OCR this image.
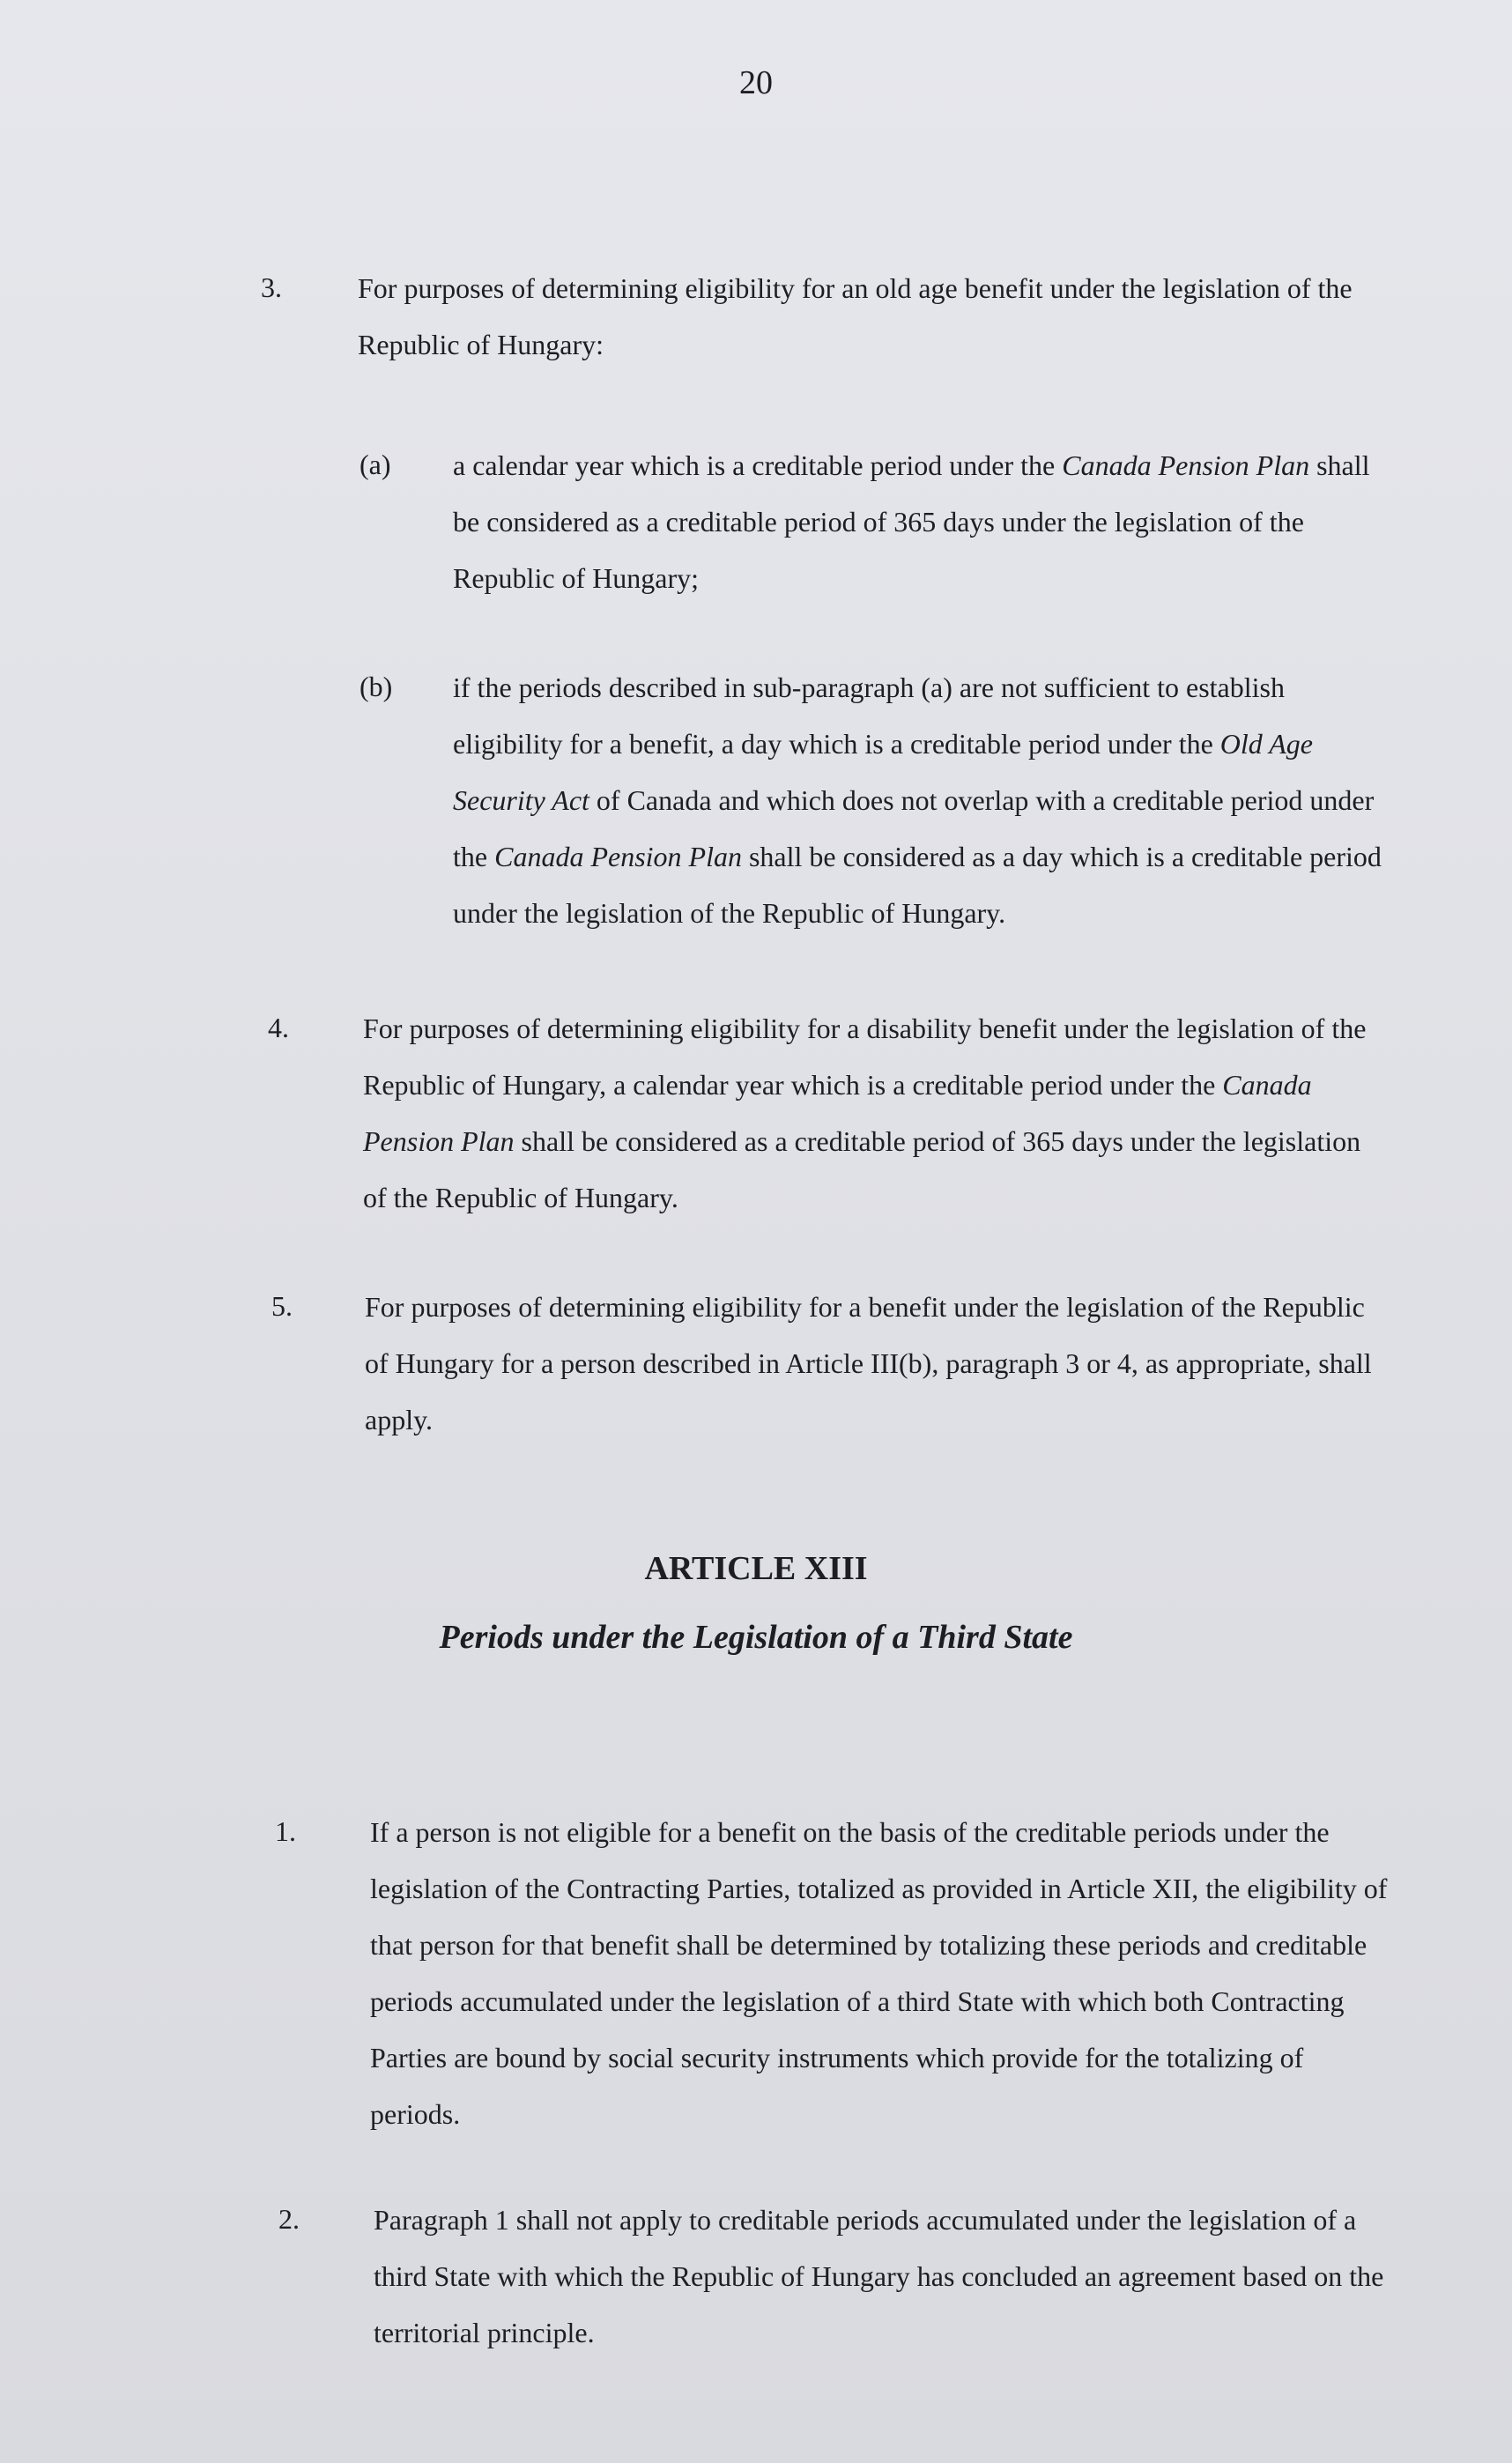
20
3.	For purposes of determining eligibility for an old age benefit under the legislation of the Republic of Hungary:

(a) a calendar year which is a creditable period under the Canada Pension Plan shall be considered as a creditable period of 365 days under the legislation of the Republic of Hungary;

(b) if the periods described in sub-paragraph (a) are not sufficient to establish eligibility for a benefit, a day which is a creditable period under the Old Age Security Act of Canada and which does not overlap with a creditable period under the Canada Pension Plan shall be considered as a day which is a creditable period under the legislation of the Republic of Hungary.

4.	For purposes of determining eligibility for a disability benefit under the legislation of the Republic of Hungary, a calendar year which is a creditable period under the Canada Pension Plan shall be considered as a creditable period of 365 days under the legislation of the Republic of Hungary.

5.	For purposes of determining eligibility for a benefit under the legislation of the Republic of Hungary for a person described in Article III(b), paragraph 3 or 4, as appropriate, shall apply.

ARTICLE XIII
Periods under the Legislation of a Third State
1.	If a person is not eligible for a benefit on the basis of the creditable periods under the legislation of the Contracting Parties, totalized as provided in Article XII, the eligibility of that person for that benefit shall be determined by totalizing these periods and creditable periods accumulated under the legislation of a third State with which both Contracting Parties are bound by social security instruments which provide for the totalizing of periods.

2.	Paragraph 1 shall not apply to creditable periods accumulated under the legislation of a third State with which the Republic of Hungary has concluded an agreement based on the territorial principle.
